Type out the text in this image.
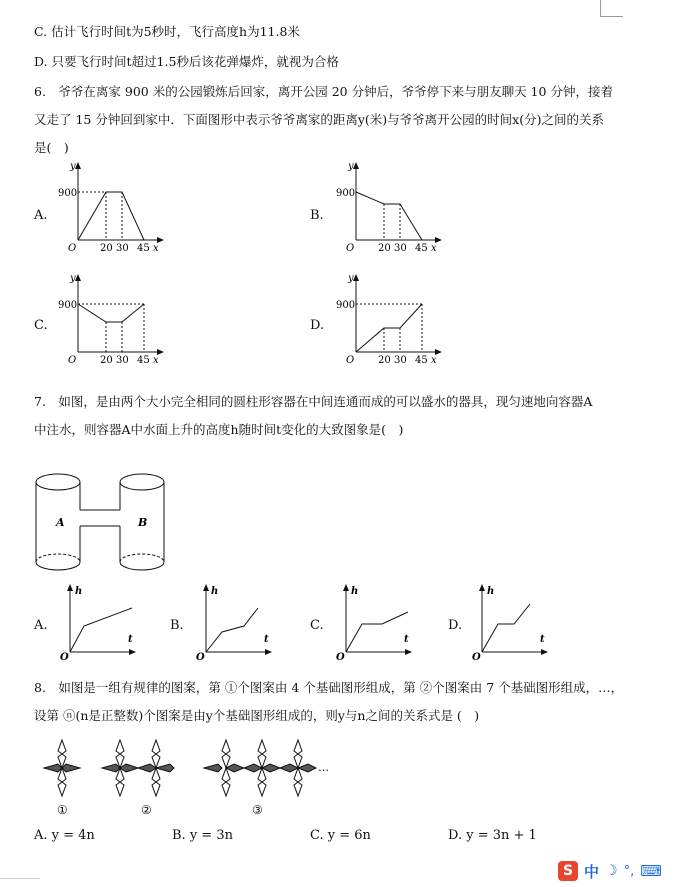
C. 估计飞行时间t为5秒时，飞行高度h为11.8米
D. 只要飞行时间t超过1.5秒后该花弹爆炸，就视为合格
6.　爷爷在离家 900 米的公园锻炼后回家，离开公园 20 分钟后，爷爷停下来与朋友聊天 10 分钟，接着
又走了 15 分钟回到家中．下面图形中表示爷爷离家的距离y(米)与爷爷离开公园的时间x(分)之间的关系
是(　)
A.
y
900
O 20 30 45 x
B.
y
900
O 20 30 45 x
C.
y
900
O 20 30 45 x
D.
y
900
O 20 30 45 x
7.　如图，是由两个大小完全相同的圆柱形容器在中间连通而成的可以盛水的器具，现匀速地向容器A
中注水，则容器A中水面上升的高度h随时间t变化的大致图象是(　)
A	B
A.
h
O
t
B.
h
O
t
C.
h
O
t
D.
h
O
t
8.　如图是一组有规律的图案，第 ①个图案由 4 个基础图形组成，第 ②个图案由 7 个基础图形组成，…，
设第 ⓝ(n是正整数)个图案是由y个基础图形组成的，则y与n之间的关系式是 (　)
…
①	②	③
A. y = 4n	B. y = 3n	C. y = 6n	D. y = 3n + 1
S 中 ☽ °, ⌨
